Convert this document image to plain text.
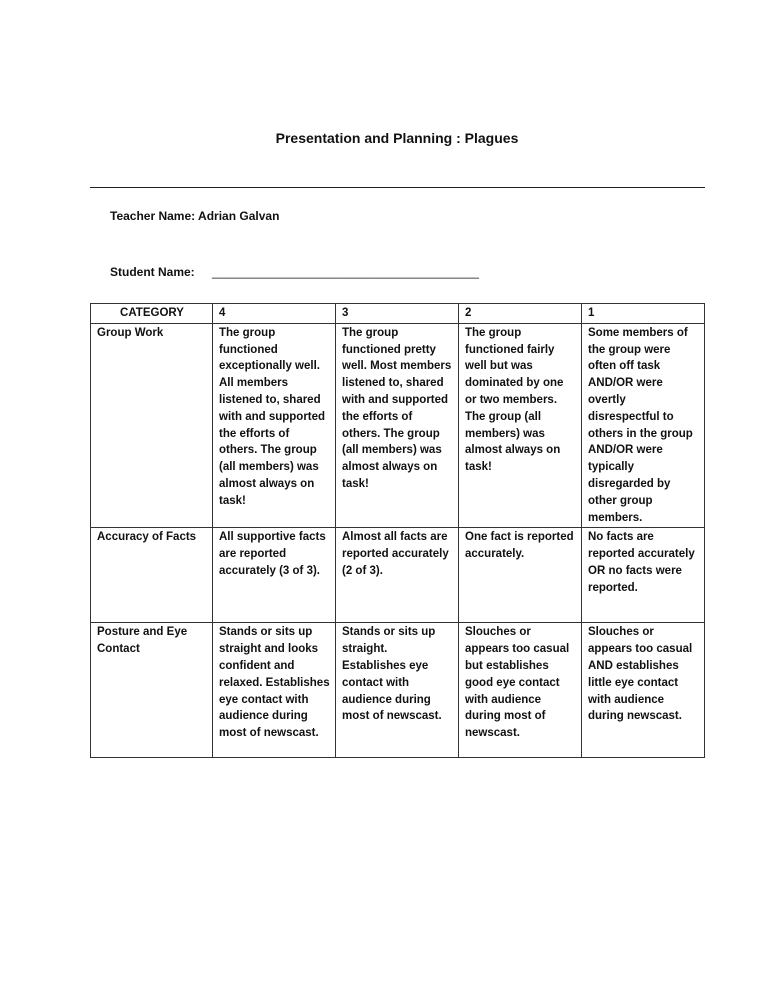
Presentation and Planning : Plagues
Teacher Name: Adrian Galvan
Student Name: ________________________________________
CATEGORY	4	3	2	1
Group Work	The group functioned exceptionally well. All members listened to, shared with and supported the efforts of others. The group (all members) was almost always on task!	The group functioned pretty well. Most members listened to, shared with and supported the efforts of others. The group (all members) was almost always on task!	The group functioned fairly well but was dominated by one or two members. The group (all members) was almost always on task!	Some members of the group were often off task AND/OR were overtly disrespectful to others in the group AND/OR were typically disregarded by other group members.
Accuracy of Facts	All supportive facts are reported accurately (3 of 3).	Almost all facts are reported accurately (2 of 3).	One fact is reported accurately.	No facts are reported accurately OR no facts were reported.
Posture and Eye Contact	Stands or sits up straight and looks confident and relaxed. Establishes eye contact with audience during most of newscast.	Stands or sits up straight. Establishes eye contact with audience during most of newscast.	Slouches or appears too casual but establishes good eye contact with audience during most of newscast.	Slouches or appears too casual AND establishes little eye contact with audience during newscast.
